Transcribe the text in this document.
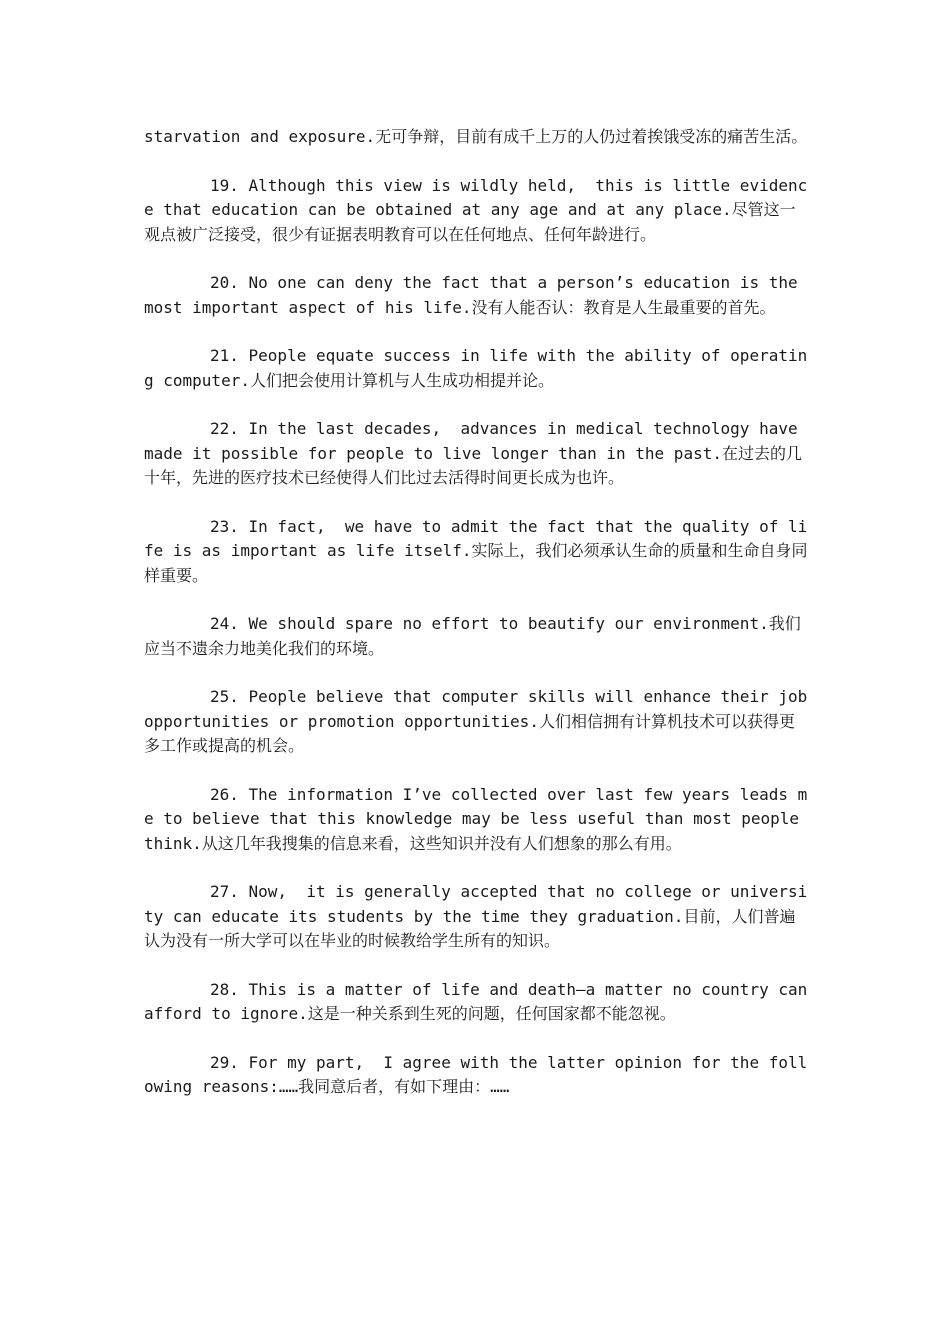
starvation and exposure.无可争辩，目前有成千上万的人仍过着挨饿受冻的痛苦生活。

19. Although this view is wildly held,  this is little evidence that education can be obtained at any age and at any place.尽管这一观点被广泛接受，很少有证据表明教育可以在任何地点、任何年龄进行。

20. No one can deny the fact that a person’s education is the most important aspect of his life.没有人能否认：教育是人生最重要的首先。

21. People equate success in life with the ability of operating computer.人们把会使用计算机与人生成功相提并论。

22. In the last decades,  advances in medical technology have made it possible for people to live longer than in the past.在过去的几十年，先进的医疗技术已经使得人们比过去活得时间更长成为也许。

23. In fact,  we have to admit the fact that the quality of life is as important as life itself.实际上，我们必须承认生命的质量和生命自身同样重要。

24. We should spare no effort to beautify our environment.我们应当不遗余力地美化我们的环境。

25. People believe that computer skills will enhance their job opportunities or promotion opportunities.人们相信拥有计算机技术可以获得更多工作或提高的机会。

26. The information I’ve collected over last few years leads me to believe that this knowledge may be less useful than most people think.从这几年我搜集的信息来看，这些知识并没有人们想象的那么有用。

27. Now,  it is generally accepted that no college or university can educate its students by the time they graduation.目前，人们普遍认为没有一所大学可以在毕业的时候教给学生所有的知识。

28. This is a matter of life and death—a matter no country can afford to ignore.这是一种关系到生死的问题，任何国家都不能忽视。

29. For my part,  I agree with the latter opinion for the following reasons:……我同意后者，有如下理由：……
